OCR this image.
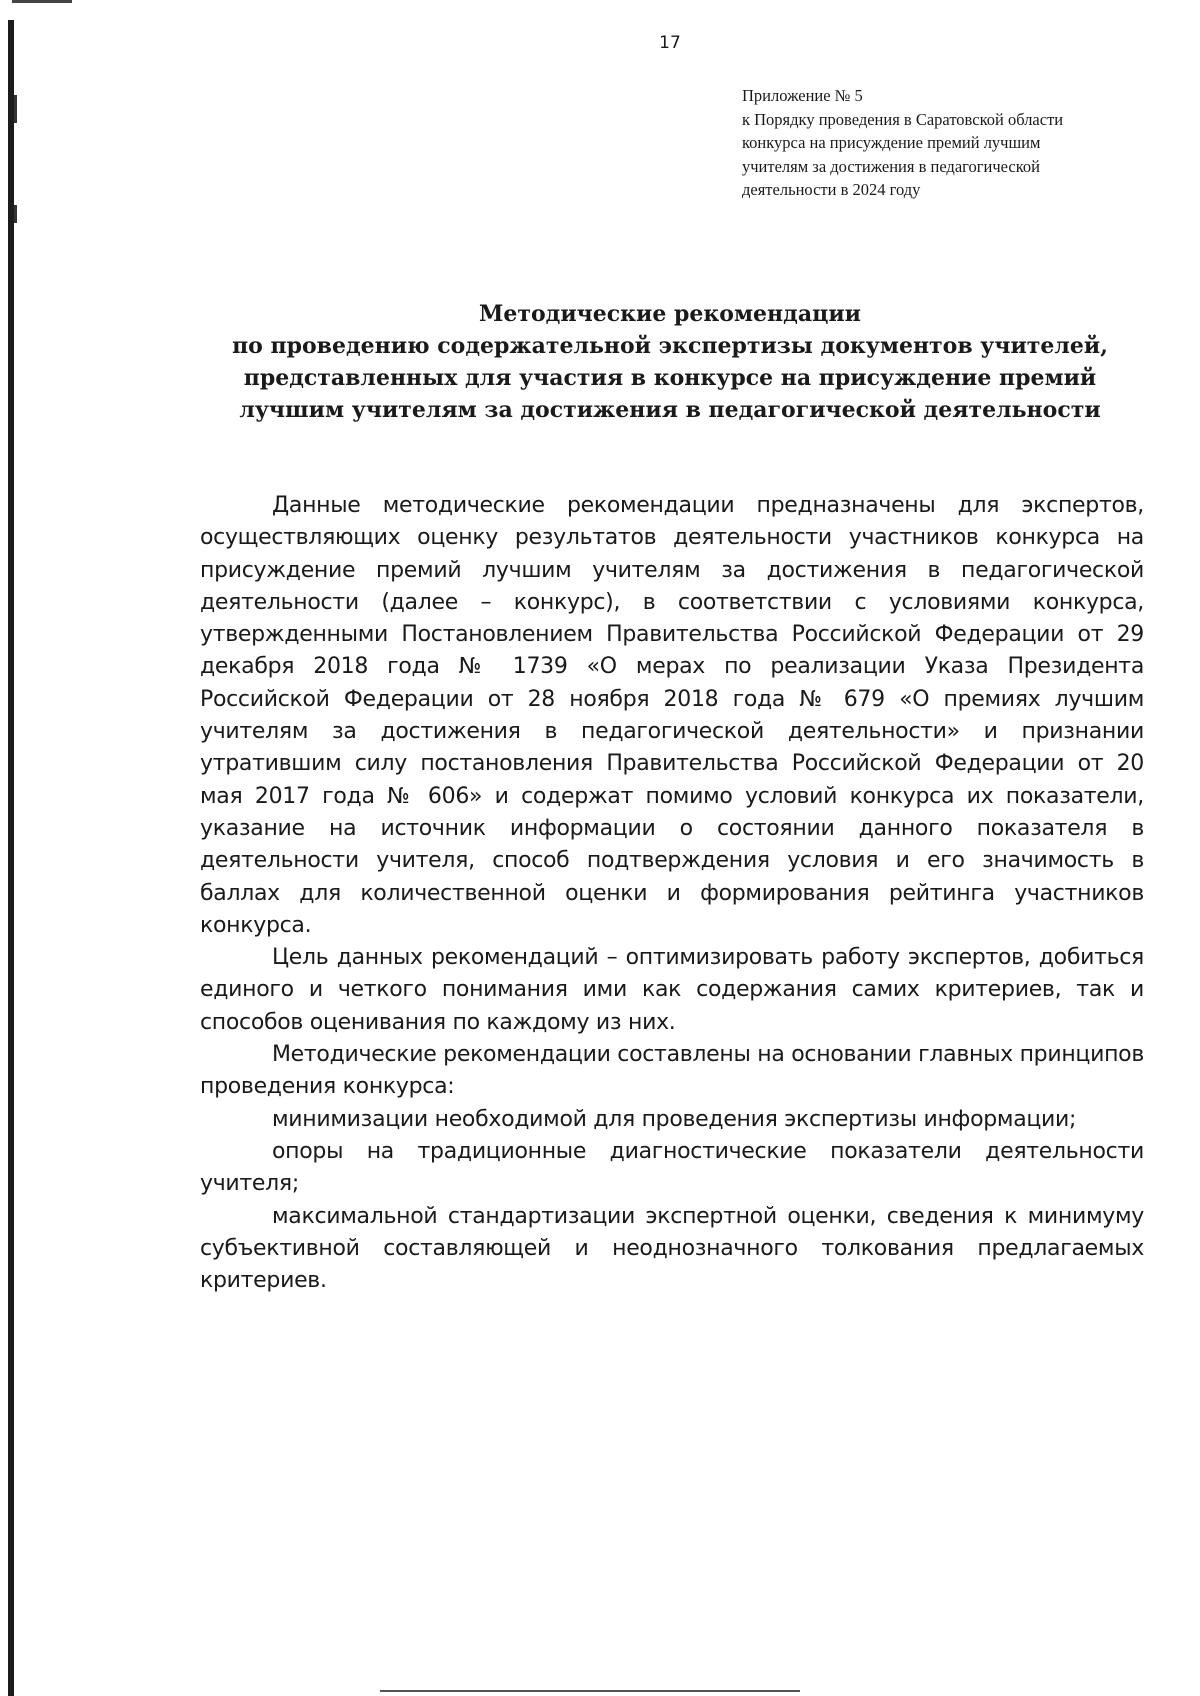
17
Приложение № 5
к Порядку проведения в Саратовской области
конкурса на присуждение премий лучшим
учителям за достижения в педагогической
деятельности в 2024 году
Методические рекомендации
по проведению содержательной экспертизы документов учителей,
представленных для участия в конкурсе на присуждение премий
лучшим учителям за достижения в педагогической деятельности

Данные методические рекомендации предназначены для экспертов, осуществляющих оценку результатов деятельности участников конкурса на присуждение премий лучшим учителям за достижения в педагогической деятельности (далее – конкурс), в соответствии с условиями конкурса, утвержденными Постановлением Правительства Российской Федерации от 29 декабря 2018 года № 1739 «О мерах по реализации Указа Президента Российской Федерации от 28 ноября 2018 года № 679 «О премиях лучшим учителям за достижения в педагогической деятельности» и признании утратившим силу постановления Правительства Российской Федерации от 20 мая 2017 года № 606» и содержат помимо условий конкурса их показатели, указание на источник информации о состоянии данного показателя в деятельности учителя, способ подтверждения условия и его значимость в баллах для количественной оценки и формирования рейтинга участников конкурса.

Цель данных рекомендаций – оптимизировать работу экспертов, добиться единого и четкого понимания ими как содержания самих критериев, так и способов оценивания по каждому из них.

Методические рекомендации составлены на основании главных принципов проведения конкурса:

минимизации необходимой для проведения экспертизы информации;

опоры на традиционные диагностические показатели деятельности учителя;

максимальной стандартизации экспертной оценки, сведения к минимуму субъективной составляющей и неоднозначного толкования предлагаемых критериев.
